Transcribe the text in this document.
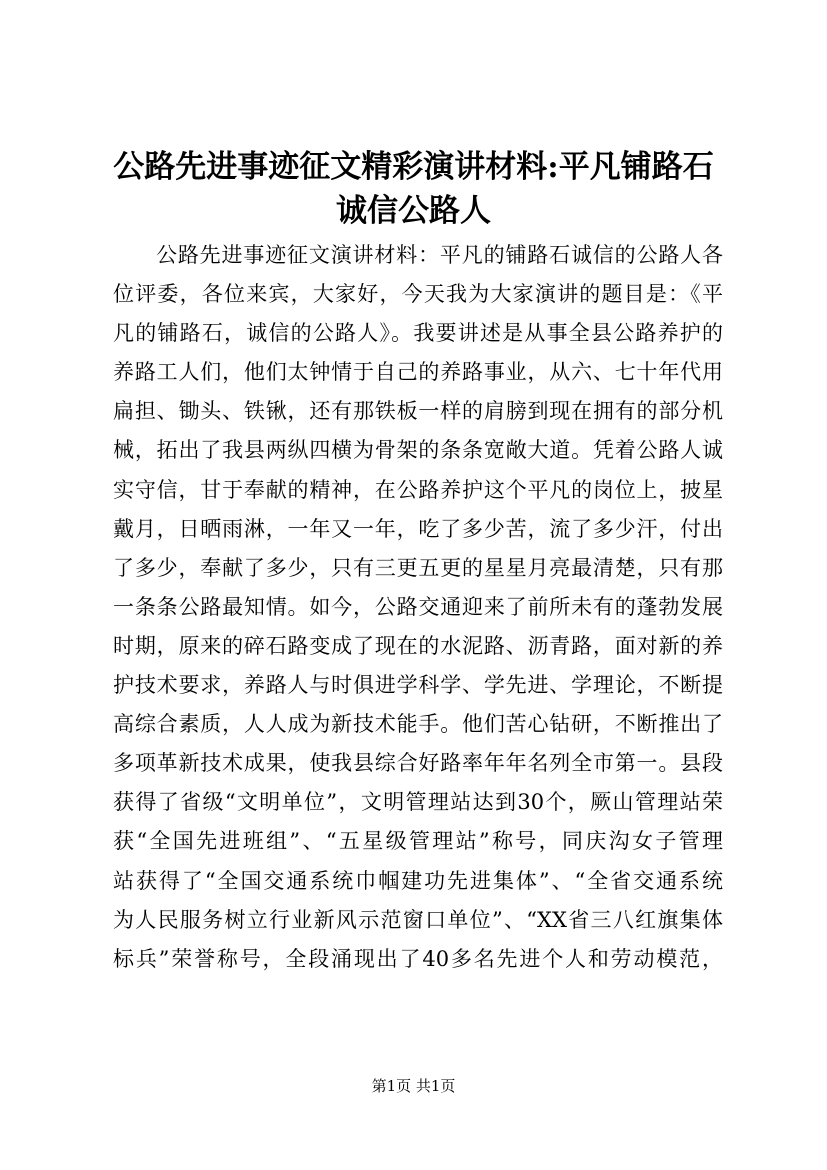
公路先进事迹征文精彩演讲材料:平凡铺路石
诚信公路人
公路先进事迹征文演讲材料：平凡的铺路石诚信的公路人各
位评委，各位来宾，大家好，今天我为大家演讲的题目是：《平
凡的铺路石，诚信的公路人》。我要讲述是从事全县公路养护的
养路工人们，他们太钟情于自己的养路事业，从六、七十年代用
扁担、锄头、铁锹，还有那铁板一样的肩膀到现在拥有的部分机
械，拓出了我县两纵四横为骨架的条条宽敞大道。凭着公路人诚
实守信，甘于奉献的精神，在公路养护这个平凡的岗位上，披星
戴月，日晒雨淋，一年又一年，吃了多少苦，流了多少汗，付出
了多少，奉献了多少，只有三更五更的星星月亮最清楚，只有那
一条条公路最知情。如今，公路交通迎来了前所未有的蓬勃发展
时期，原来的碎石路变成了现在的水泥路、沥青路，面对新的养
护技术要求，养路人与时俱进学科学、学先进、学理论，不断提
高综合素质，人人成为新技术能手。他们苦心钻研，不断推出了
多项革新技术成果，使我县综合好路率年年名列全市第一。县段
获得了省级“文明单位”，文明管理站达到30个，厥山管理站荣
获“全国先进班组”、“五星级管理站”称号，同庆沟女子管理
站获得了“全国交通系统巾帼建功先进集体”、“全省交通系统
为人民服务树立行业新风示范窗口单位”、“XX省三八红旗集体
标兵”荣誉称号，全段涌现出了40多名先进个人和劳动模范，
第1页 共1页
